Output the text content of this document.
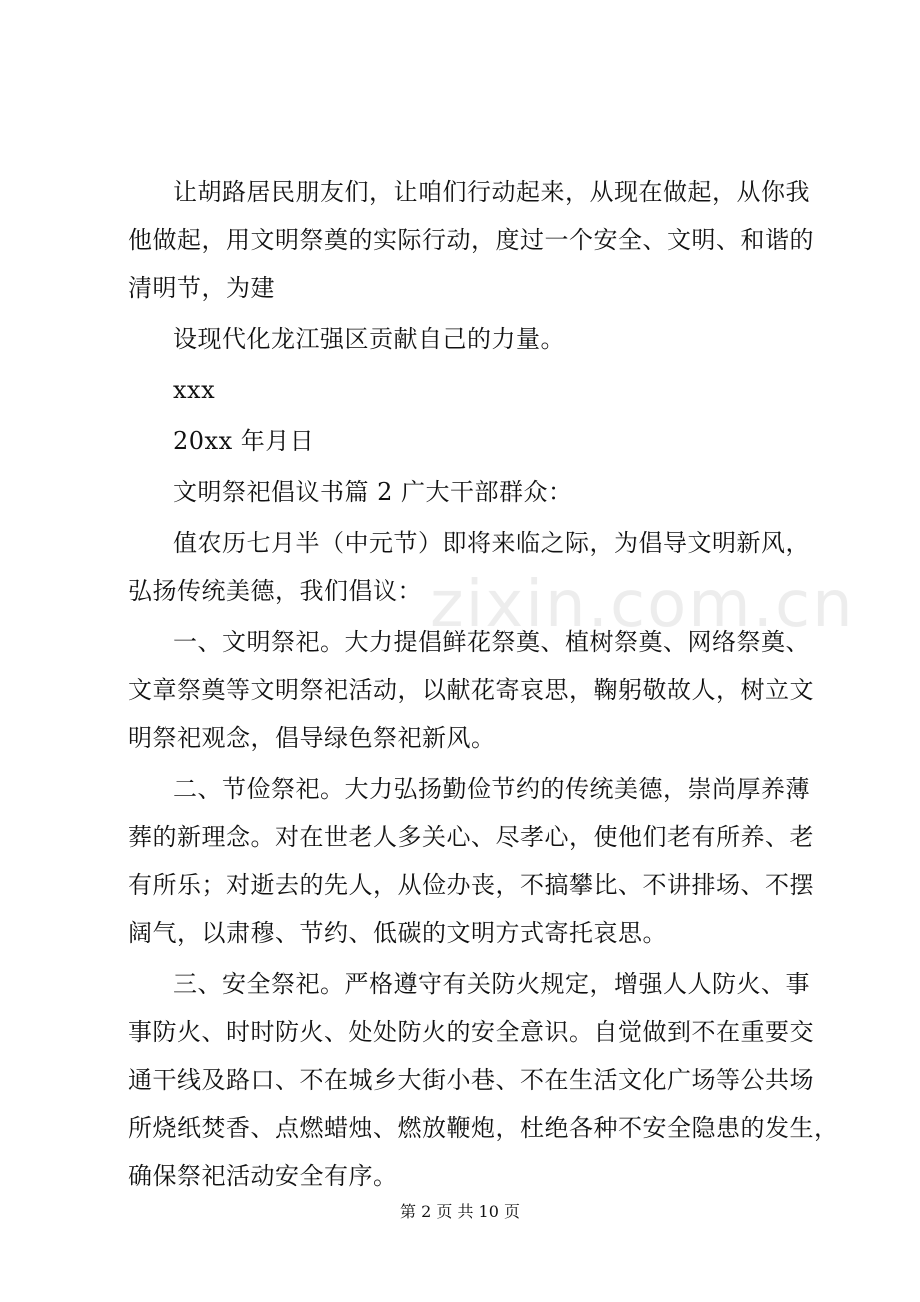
让胡路居民朋友们，让咱们行动起来，从现在做起，从你我
他做起，用文明祭奠的实际行动，度过一个安全、文明、和谐的
清明节，为建

设现代化龙江强区贡献自己的力量。

xxx

20xx 年月日

文明祭祀倡议书篇 2 广大干部群众：

值农历七月半（中元节）即将来临之际，为倡导文明新风，
弘扬传统美德，我们倡议：

一、文明祭祀。大力提倡鲜花祭奠、植树祭奠、网络祭奠、
文章祭奠等文明祭祀活动，以献花寄哀思，鞠躬敬故人，树立文
明祭祀观念，倡导绿色祭祀新风。

二、节俭祭祀。大力弘扬勤俭节约的传统美德，崇尚厚养薄
葬的新理念。对在世老人多关心、尽孝心，使他们老有所养、老
有所乐；对逝去的先人，从俭办丧，不搞攀比、不讲排场、不摆
阔气，以肃穆、节约、低碳的文明方式寄托哀思。

三、安全祭祀。严格遵守有关防火规定，增强人人防火、事
事防火、时时防火、处处防火的安全意识。自觉做到不在重要交
通干线及路口、不在城乡大街小巷、不在生活文化广场等公共场
所烧纸焚香、点燃蜡烛、燃放鞭炮，杜绝各种不安全隐患的发生，
确保祭祀活动安全有序。

zixin.com.cn
第 2 页 共 10 页
